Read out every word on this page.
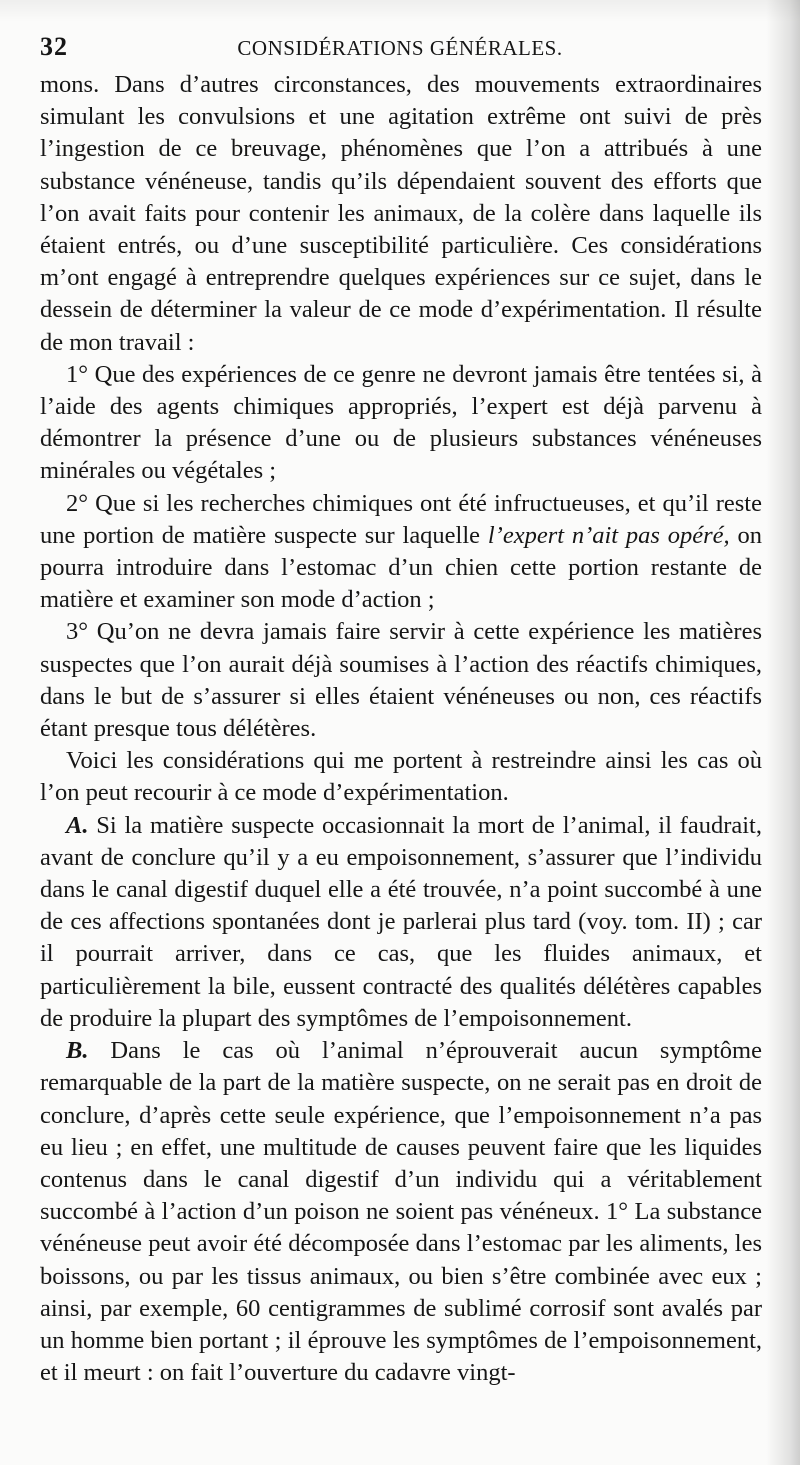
32	CONSIDÉRATIONS GÉNÉRALES.

mons. Dans d’autres circonstances, des mouvements extraordinaires simulant les convulsions et une agitation extrême ont suivi de près l’ingestion de ce breuvage, phénomènes que l’on a attribués à une substance vénéneuse, tandis qu’ils dépendaient souvent des efforts que l’on avait faits pour contenir les animaux, de la colère dans laquelle ils étaient entrés, ou d’une susceptibilité particulière. Ces considérations m’ont engagé à entreprendre quelques expériences sur ce sujet, dans le dessein de déterminer la valeur de ce mode d’expérimentation. Il résulte de mon travail :

1° Que des expériences de ce genre ne devront jamais être tentées si, à l’aide des agents chimiques appropriés, l’expert est déjà parvenu à démontrer la présence d’une ou de plusieurs substances vénéneuses minérales ou végétales ;

2° Que si les recherches chimiques ont été infructueuses, et qu’il reste une portion de matière suspecte sur laquelle l’expert n’ait pas opéré, on pourra introduire dans l’estomac d’un chien cette portion restante de matière et examiner son mode d’action ;

3° Qu’on ne devra jamais faire servir à cette expérience les matières suspectes que l’on aurait déjà soumises à l’action des réactifs chimiques, dans le but de s’assurer si elles étaient vénéneuses ou non, ces réactifs étant presque tous délétères.

Voici les considérations qui me portent à restreindre ainsi les cas où l’on peut recourir à ce mode d’expérimentation.

A. Si la matière suspecte occasionnait la mort de l’animal, il faudrait, avant de conclure qu’il y a eu empoisonnement, s’assurer que l’individu dans le canal digestif duquel elle a été trouvée, n’a point succombé à une de ces affections spontanées dont je parlerai plus tard (voy. tom. II) ; car il pourrait arriver, dans ce cas, que les fluides animaux, et particulièrement la bile, eussent contracté des qualités délétères capables de produire la plupart des symptômes de l’empoisonnement.

B. Dans le cas où l’animal n’éprouverait aucun symptôme remarquable de la part de la matière suspecte, on ne serait pas en droit de conclure, d’après cette seule expérience, que l’empoisonnement n’a pas eu lieu ; en effet, une multitude de causes peuvent faire que les liquides contenus dans le canal digestif d’un individu qui a véritablement succombé à l’action d’un poison ne soient pas vénéneux. 1° La substance vénéneuse peut avoir été décomposée dans l’estomac par les aliments, les boissons, ou par les tissus animaux, ou bien s’être combinée avec eux ; ainsi, par exemple, 60 centigrammes de sublimé corrosif sont avalés par un homme bien portant ; il éprouve les symptômes de l’empoisonnement, et il meurt : on fait l’ouverture du cadavre vingt-
